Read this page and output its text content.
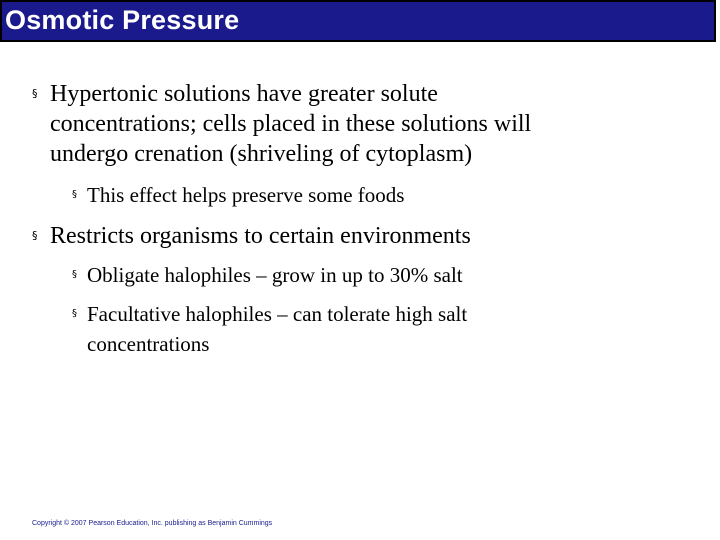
Osmotic Pressure
§ Hypertonic solutions have greater solute
concentrations; cells placed in these solutions will
undergo crenation (shriveling of cytoplasm)
§ This effect helps preserve some foods
§ Restricts organisms to certain environments
§ Obligate halophiles – grow in up to 30% salt
§ Facultative halophiles – can tolerate high salt
concentrations
Copyright © 2007 Pearson Education, Inc. publishing as Benjamin Cummings
